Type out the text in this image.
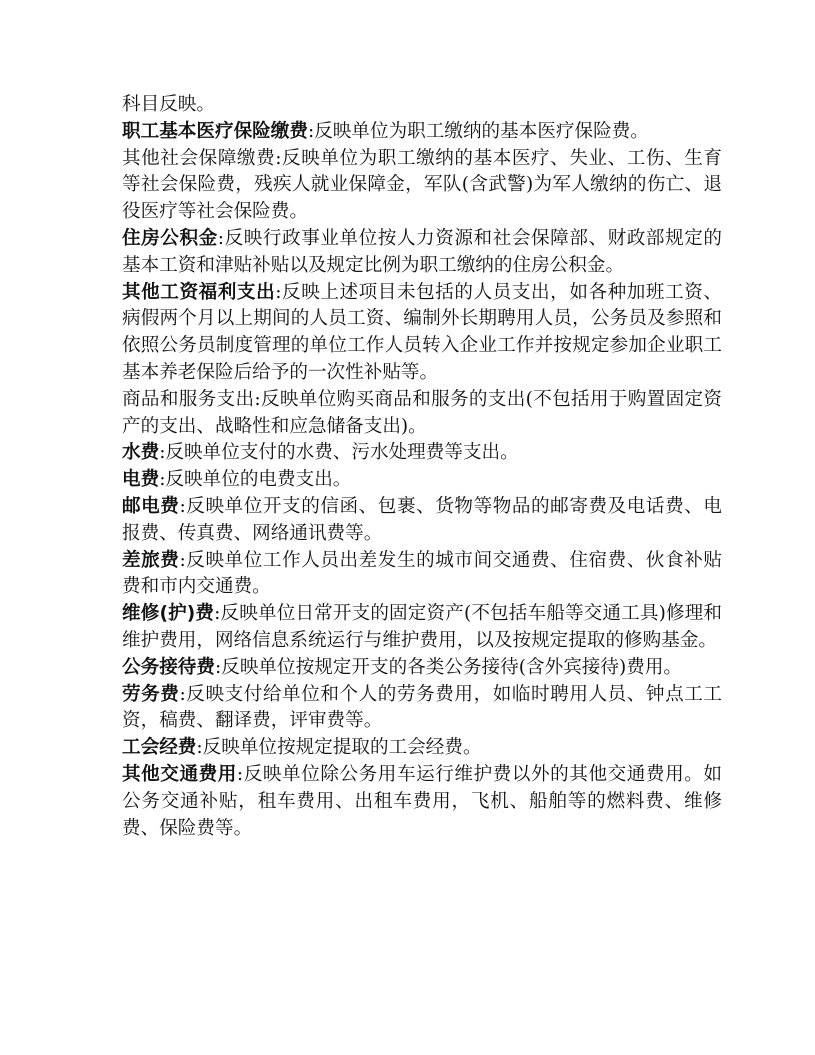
科目反映。

职工基本医疗保险缴费:反映单位为职工缴纳的基本医疗保险费。

其他社会保障缴费:反映单位为职工缴纳的基本医疗、失业、工伤、生育等社会保险费，残疾人就业保障金，军队(含武警)为军人缴纳的伤亡、退役医疗等社会保险费。

住房公积金:反映行政事业单位按人力资源和社会保障部、财政部规定的基本工资和津贴补贴以及规定比例为职工缴纳的住房公积金。

其他工资福利支出:反映上述项目未包括的人员支出，如各种加班工资、病假两个月以上期间的人员工资、编制外长期聘用人员，公务员及参照和依照公务员制度管理的单位工作人员转入企业工作并按规定参加企业职工基本养老保险后给予的一次性补贴等。

商品和服务支出:反映单位购买商品和服务的支出(不包括用于购置固定资产的支出、战略性和应急储备支出)。

水费:反映单位支付的水费、污水处理费等支出。

电费:反映单位的电费支出。

邮电费:反映单位开支的信函、包裹、货物等物品的邮寄费及电话费、电报费、传真费、网络通讯费等。

差旅费:反映单位工作人员出差发生的城市间交通费、住宿费、伙食补贴费和市内交通费。

维修(护)费:反映单位日常开支的固定资产(不包括车船等交通工具)修理和维护费用，网络信息系统运行与维护费用，以及按规定提取的修购基金。

公务接待费:反映单位按规定开支的各类公务接待(含外宾接待)费用。

劳务费:反映支付给单位和个人的劳务费用，如临时聘用人员、钟点工工资，稿费、翻译费，评审费等。

工会经费:反映单位按规定提取的工会经费。

其他交通费用:反映单位除公务用车运行维护费以外的其他交通费用。如公务交通补贴，租车费用、出租车费用，飞机、船舶等的燃料费、维修费、保险费等。
